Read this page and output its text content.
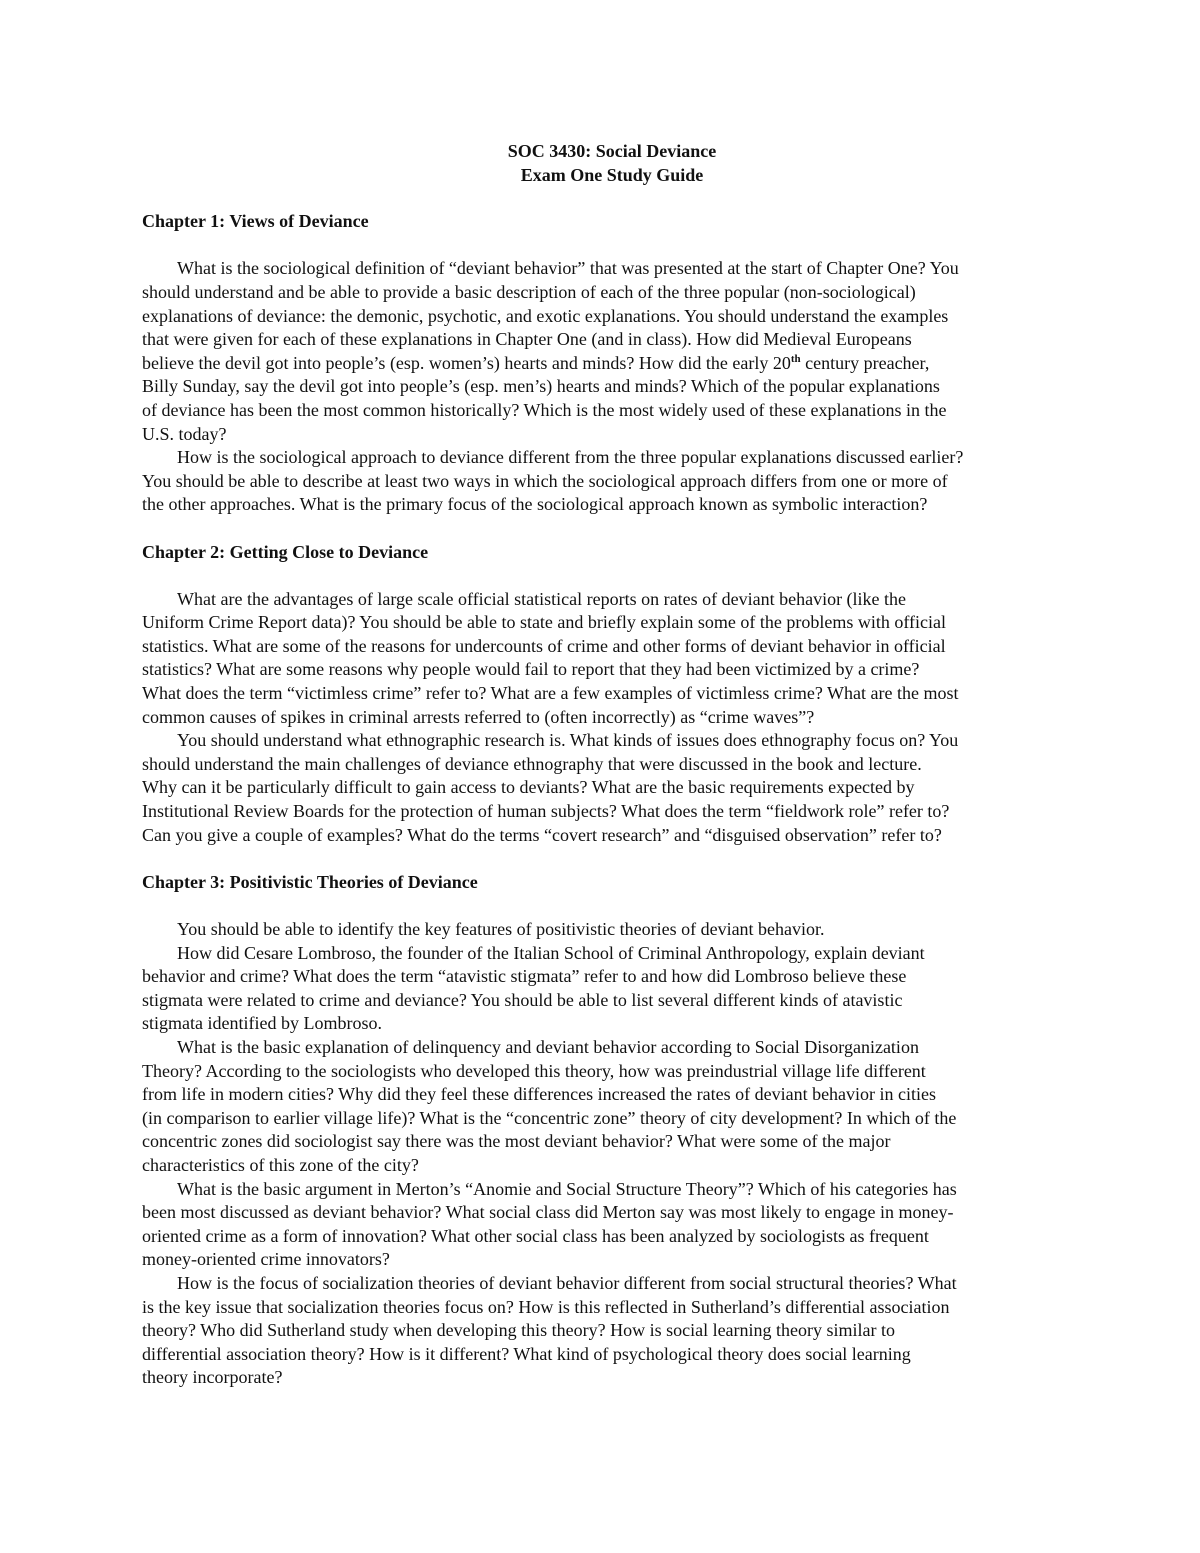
SOC 3430: Social Deviance
Exam One Study Guide
Chapter 1: Views of Deviance
What is the sociological definition of “deviant behavior” that was presented at the start of Chapter One? You
should understand and be able to provide a basic description of each of the three popular (non-sociological)
explanations of deviance: the demonic, psychotic, and exotic explanations. You should understand the examples
that were given for each of these explanations in Chapter One (and in class). How did Medieval Europeans
believe the devil got into people’s (esp. women’s) hearts and minds? How did the early 20th century preacher,
Billy Sunday, say the devil got into people’s (esp. men’s) hearts and minds? Which of the popular explanations
of deviance has been the most common historically? Which is the most widely used of these explanations in the
U.S. today?
How is the sociological approach to deviance different from the three popular explanations discussed earlier?
You should be able to describe at least two ways in which the sociological approach differs from one or more of
the other approaches. What is the primary focus of the sociological approach known as symbolic interaction?
Chapter 2: Getting Close to Deviance
What are the advantages of large scale official statistical reports on rates of deviant behavior (like the
Uniform Crime Report data)? You should be able to state and briefly explain some of the problems with official
statistics. What are some of the reasons for undercounts of crime and other forms of deviant behavior in official
statistics? What are some reasons why people would fail to report that they had been victimized by a crime?
What does the term “victimless crime” refer to? What are a few examples of victimless crime? What are the most
common causes of spikes in criminal arrests referred to (often incorrectly) as “crime waves”?
You should understand what ethnographic research is. What kinds of issues does ethnography focus on? You
should understand the main challenges of deviance ethnography that were discussed in the book and lecture.
Why can it be particularly difficult to gain access to deviants? What are the basic requirements expected by
Institutional Review Boards for the protection of human subjects? What does the term “fieldwork role” refer to?
Can you give a couple of examples? What do the terms “covert research” and “disguised observation” refer to?
Chapter 3: Positivistic Theories of Deviance
You should be able to identify the key features of positivistic theories of deviant behavior.
How did Cesare Lombroso, the founder of the Italian School of Criminal Anthropology, explain deviant
behavior and crime? What does the term “atavistic stigmata” refer to and how did Lombroso believe these
stigmata were related to crime and deviance? You should be able to list several different kinds of atavistic
stigmata identified by Lombroso.
What is the basic explanation of delinquency and deviant behavior according to Social Disorganization
Theory? According to the sociologists who developed this theory, how was preindustrial village life different
from life in modern cities? Why did they feel these differences increased the rates of deviant behavior in cities
(in comparison to earlier village life)? What is the “concentric zone” theory of city development? In which of the
concentric zones did sociologist say there was the most deviant behavior? What were some of the major
characteristics of this zone of the city?
What is the basic argument in Merton’s “Anomie and Social Structure Theory”? Which of his categories has
been most discussed as deviant behavior? What social class did Merton say was most likely to engage in money-
oriented crime as a form of innovation? What other social class has been analyzed by sociologists as frequent
money-oriented crime innovators?
How is the focus of socialization theories of deviant behavior different from social structural theories? What
is the key issue that socialization theories focus on? How is this reflected in Sutherland’s differential association
theory? Who did Sutherland study when developing this theory? How is social learning theory similar to
differential association theory? How is it different? What kind of psychological theory does social learning
theory incorporate?
